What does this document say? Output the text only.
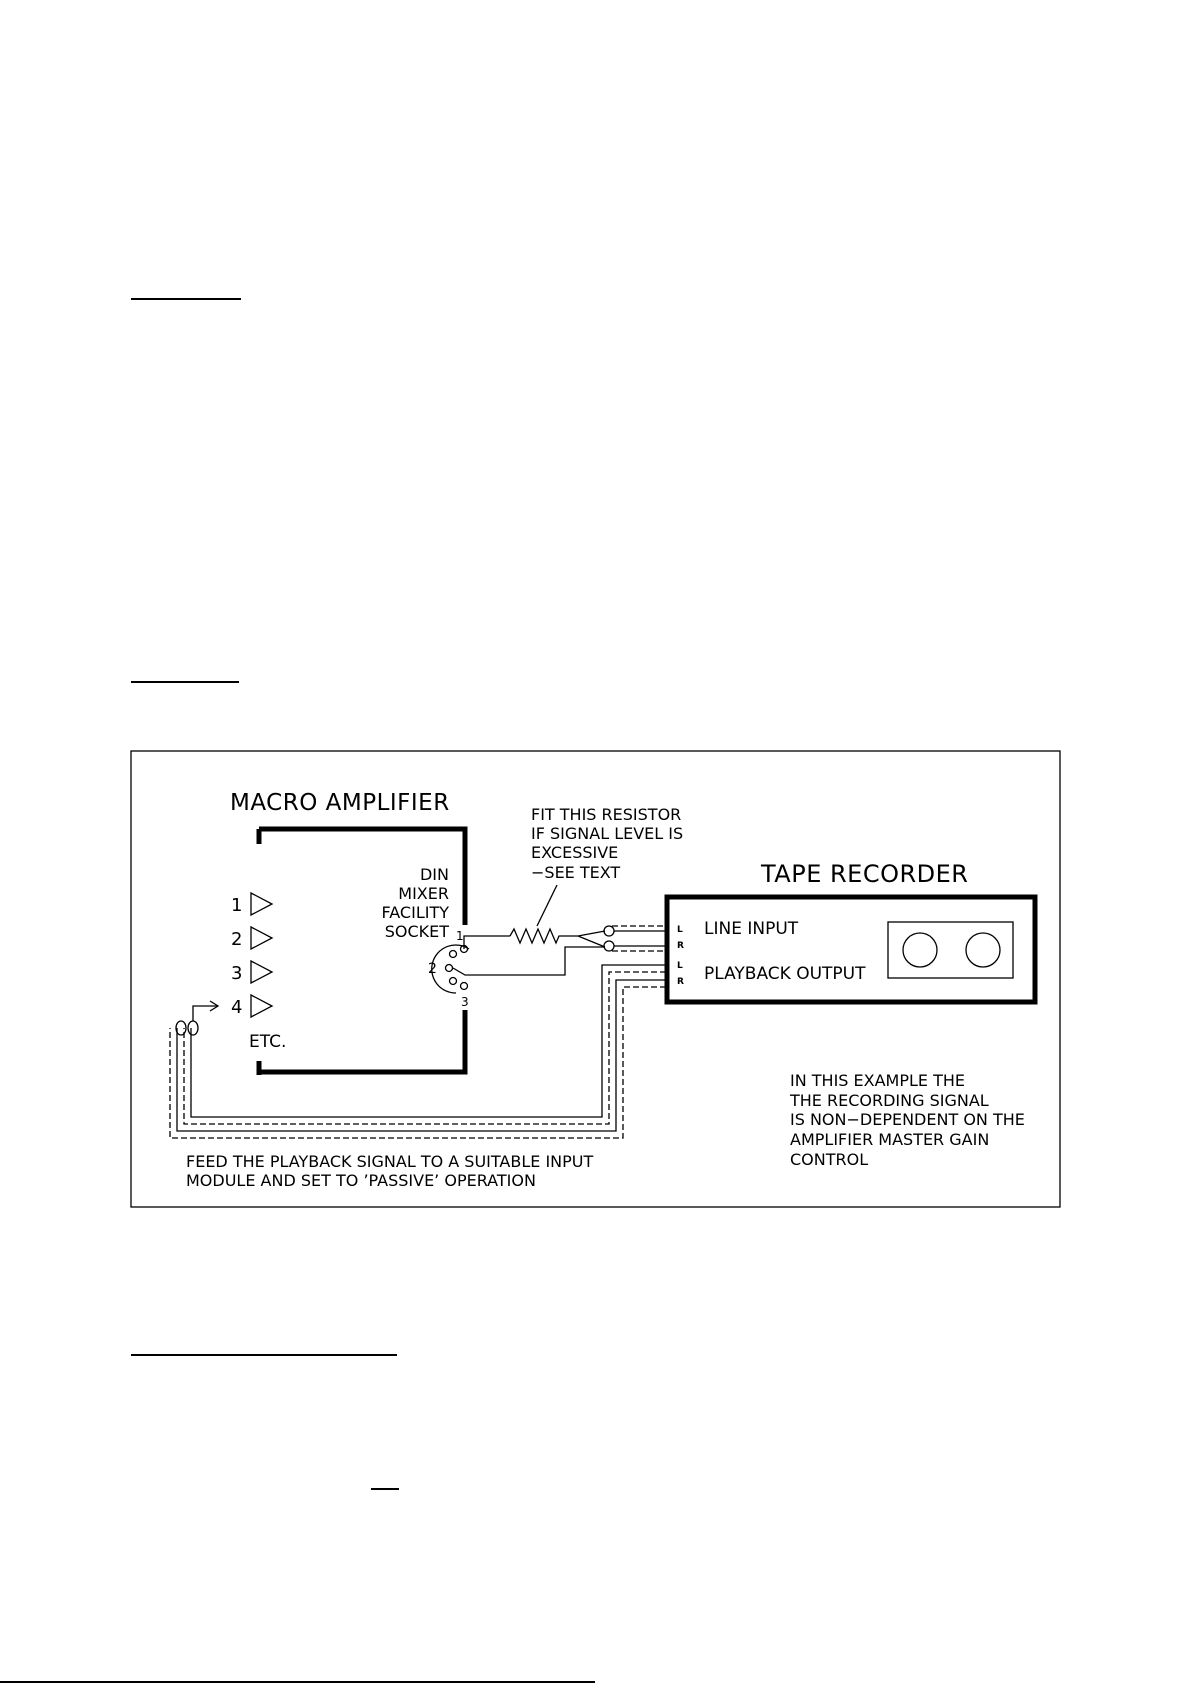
MACRO AMPLIFIER
1
2
3
4
ETC.
DIN
MIXER
FACILITY
SOCKET 1
2
3
FIT THIS RESISTOR
IF SIGNAL LEVEL IS
EXCESSIVE
−SEE TEXT	TAPE RECORDER
L
R
L
R
LINE INPUT
PLAYBACK OUTPUT
IN THIS EXAMPLE THE
THE RECORDING SIGNAL
IS NON−DEPENDENT ON THE
AMPLIFIER MASTER GAIN
CONTROL
FEED THE PLAYBACK SIGNAL TO A SUITABLE INPUT
MODULE AND SET TO ’PASSIVE’ OPERATION
